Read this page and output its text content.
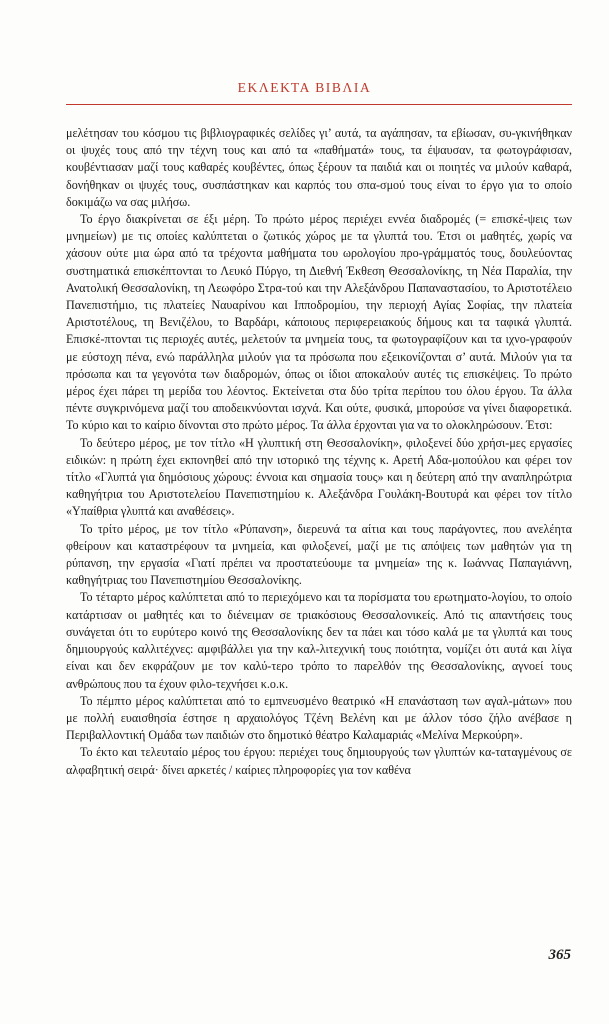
ΕΚΛΕΚΤΑ ΒΙΒΛΙΑ

μελέτησαν του κόσμου τις βιβλιογραφικές σελίδες γι’ αυτά, τα αγάπησαν, τα εβίωσαν, συ-γκινήθηκαν οι ψυχές τους από την τέχνη τους και από τα «παθήματά» τους, τα έψαυσαν, τα φωτογράφισαν, κουβέντιασαν μαζί τους καθαρές κουβέντες, όπως ξέρουν τα παιδιά και οι ποιητές να μιλούν καθαρά, δονήθηκαν οι ψυχές τους, συσπάστηκαν και καρπός του σπα-σμού τους είναι το έργο για το οποίο δοκιμάζω να σας μιλήσω.

Το έργο διακρίνεται σε έξι μέρη. Το πρώτο μέρος περιέχει εννέα διαδρομές (= επισκέ-ψεις των μνημείων) με τις οποίες καλύπτεται ο ζωτικός χώρος με τα γλυπτά του. Έτσι οι μαθητές, χωρίς να χάσουν ούτε μια ώρα από τα τρέχοντα μαθήματα του ωρολογίου προ-γράμματός τους, δουλεύοντας συστηματικά επισκέπτονται το Λευκό Πύργο, τη Διεθνή Έκθεση Θεσσαλονίκης, τη Νέα Παραλία, την Ανατολική Θεσσαλονίκη, τη Λεωφόρο Στρα-τού και την Αλεξάνδρου Παπαναστασίου, το Αριστοτέλειο Πανεπιστήμιο, τις πλατείες Ναυαρίνου και Ιπποδρομίου, την περιοχή Αγίας Σοφίας, την πλατεία Αριστοτέλους, τη Βενιζέλου, το Βαρδάρι, κάποιους περιφερειακούς δήμους και τα ταφικά γλυπτά. Επισκέ-πτονται τις περιοχές αυτές, μελετούν τα μνημεία τους, τα φωτογραφίζουν και τα ιχνο-γραφούν με εύστοχη πένα, ενώ παράλληλα μιλούν για τα πρόσωπα που εξεικονίζονται σ’ αυτά. Μιλούν για τα πρόσωπα και τα γεγονότα των διαδρομών, όπως οι ίδιοι αποκαλούν αυτές τις επισκέψεις. Το πρώτο μέρος έχει πάρει τη μερίδα του λέοντος. Εκτείνεται στα δύο τρίτα περίπου του όλου έργου. Τα άλλα πέντε συγκρινόμενα μαζί του αποδεικνύονται ισχνά. Και ούτε, φυσικά, μπορούσε να γίνει διαφορετικά. Το κύριο και το καίριο δίνονται στο πρώτο μέρος. Τα άλλα έρχονται για να το ολοκληρώσουν. Έτσι:

Το δεύτερο μέρος, με τον τίτλο «Η γλυπτική στη Θεσσαλονίκη», φιλοξενεί δύο χρήσι-μες εργασίες ειδικών: η πρώτη έχει εκπονηθεί από την ιστορικό της τέχνης κ. Αρετή Αδα-μοπούλου και φέρει τον τίτλο «Γλυπτά για δημόσιους χώρους: έννοια και σημασία τους» και η δεύτερη από την αναπληρώτρια καθηγήτρια του Αριστοτελείου Πανεπιστημίου κ. Αλεξάνδρα Γουλάκη-Βουτυρά και φέρει τον τίτλο «Υπαίθρια γλυπτά και αναθέσεις».

Το τρίτο μέρος, με τον τίτλο «Ρύπανση», διερευνά τα αίτια και τους παράγοντες, που ανελέητα φθείρουν και καταστρέφουν τα μνημεία, και φιλοξενεί, μαζί με τις απόψεις των μαθητών για τη ρύπανση, την εργασία «Γιατί πρέπει να προστατεύουμε τα μνημεία» της κ. Ιωάννας Παπαγιάννη, καθηγήτριας του Πανεπιστημίου Θεσσαλονίκης.

Το τέταρτο μέρος καλύπτεται από το περιεχόμενο και τα πορίσματα του ερωτηματο-λογίου, το οποίο κατάρτισαν οι μαθητές και το διένειμαν σε τριακόσιους Θεσσαλονικείς. Από τις απαντήσεις τους συνάγεται ότι το ευρύτερο κοινό της Θεσσαλονίκης δεν τα πάει και τόσο καλά με τα γλυπτά και τους δημιουργούς καλλιτέχνες: αμφιβάλλει για την καλ-λιτεχνική τους ποιότητα, νομίζει ότι αυτά και λίγα είναι και δεν εκφράζουν με τον καλύ-τερο τρόπο το παρελθόν της Θεσσαλονίκης, αγνοεί τους ανθρώπους που τα έχουν φιλο-τεχνήσει κ.ο.κ.

Το πέμπτο μέρος καλύπτεται από το εμπνευσμένο θεατρικό «Η επανάσταση των αγαλ-μάτων» που με πολλή ευαισθησία έστησε η αρχαιολόγος Τζένη Βελένη και με άλλον τόσο ζήλο ανέβασε η Περιβαλλοντική Ομάδα των παιδιών στο δημοτικό θέατρο Καλαμαριάς «Μελίνα Μερκούρη».

Το έκτο και τελευταίο μέρος του έργου: περιέχει τους δημιουργούς των γλυπτών κα-ταταγμένους σε αλφαβητική σειρά· δίνει αρκετές / καίριες πληροφορίες για τον καθένα

365
